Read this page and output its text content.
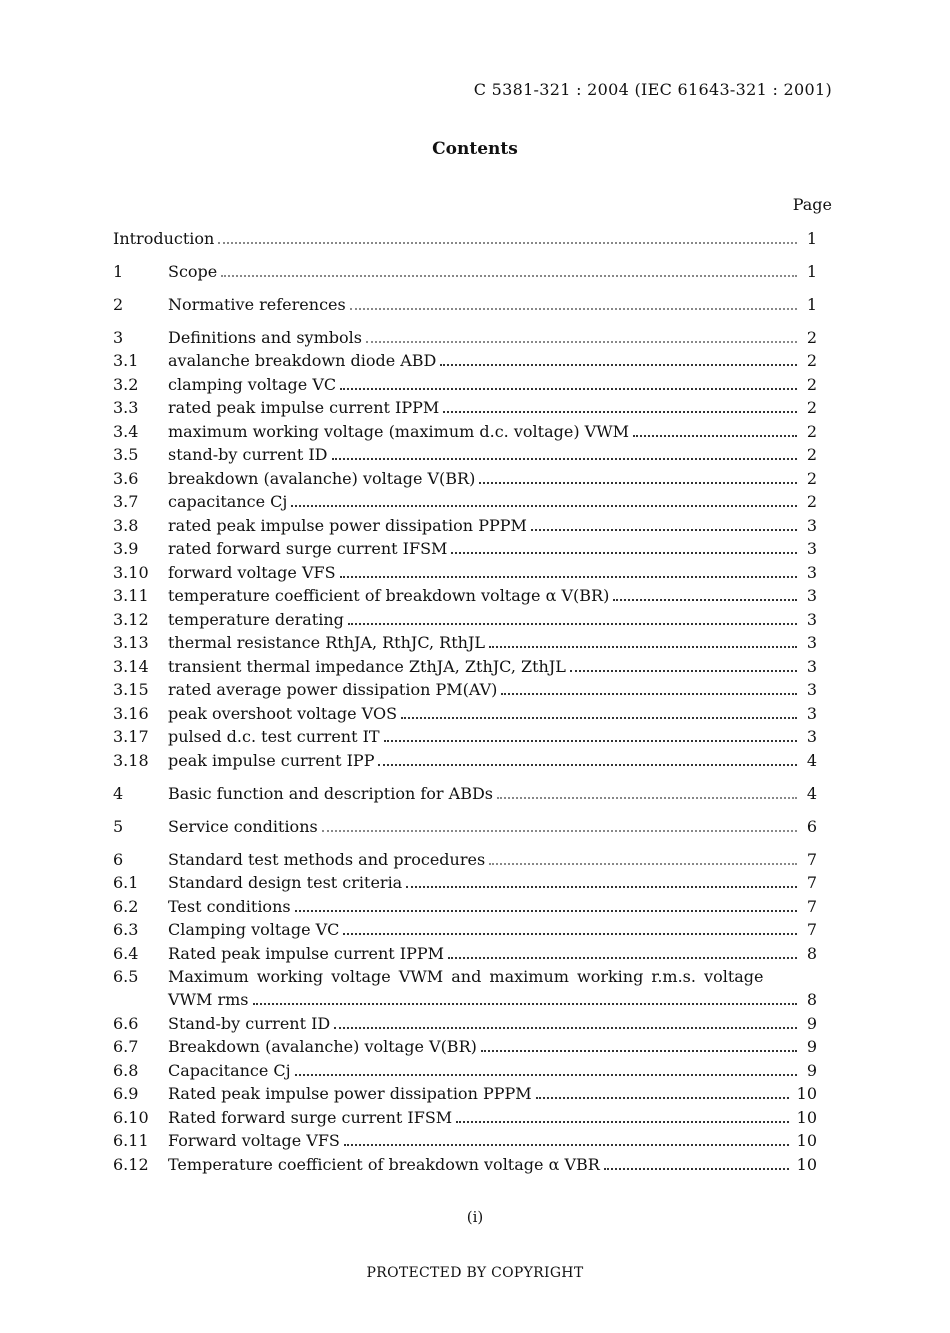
C 5381-321 : 2004 (IEC 61643-321 : 2001)
Contents
Page
Introduction	1
1	Scope	1
2	Normative references	1
3	Definitions and symbols	2
3.1	avalanche breakdown diode ABD	2
3.2	clamping voltage VC	2
3.3	rated peak impulse current IPPM	2
3.4	maximum working voltage (maximum d.c. voltage) VWM	2
3.5	stand-by current ID	2
3.6	breakdown (avalanche) voltage V(BR)	2
3.7	capacitance Cj	2
3.8	rated peak impulse power dissipation PPPM	3
3.9	rated forward surge current IFSM	3
3.10	forward voltage VFS	3
3.11	temperature coefficient of breakdown voltage α V(BR)	3
3.12	temperature derating	3
3.13	thermal resistance RthJA, RthJC, RthJL	3
3.14	transient thermal impedance ZthJA, ZthJC, ZthJL	3
3.15	rated average power dissipation PM(AV)	3
3.16	peak overshoot voltage VOS	3
3.17	pulsed d.c. test current IT	3
3.18	peak impulse current IPP	4
4	Basic function and description for ABDs	4
5	Service conditions	6
6	Standard test methods and procedures	7
6.1	Standard design test criteria	7
6.2	Test conditions	7
6.3	Clamping voltage VC	7
6.4	Rated peak impulse current IPPM	8
6.5	Maximum working voltage VWM and maximum working r.m.s. voltage
VWM rms	8
6.6	Stand-by current ID	9
6.7	Breakdown (avalanche) voltage V(BR)	9
6.8	Capacitance Cj	9
6.9	Rated peak impulse power dissipation PPPM	10
6.10	Rated forward surge current IFSM	10
6.11	Forward voltage VFS	10
6.12	Temperature coefficient of breakdown voltage α VBR	10
(i)
PROTECTED BY COPYRIGHT
